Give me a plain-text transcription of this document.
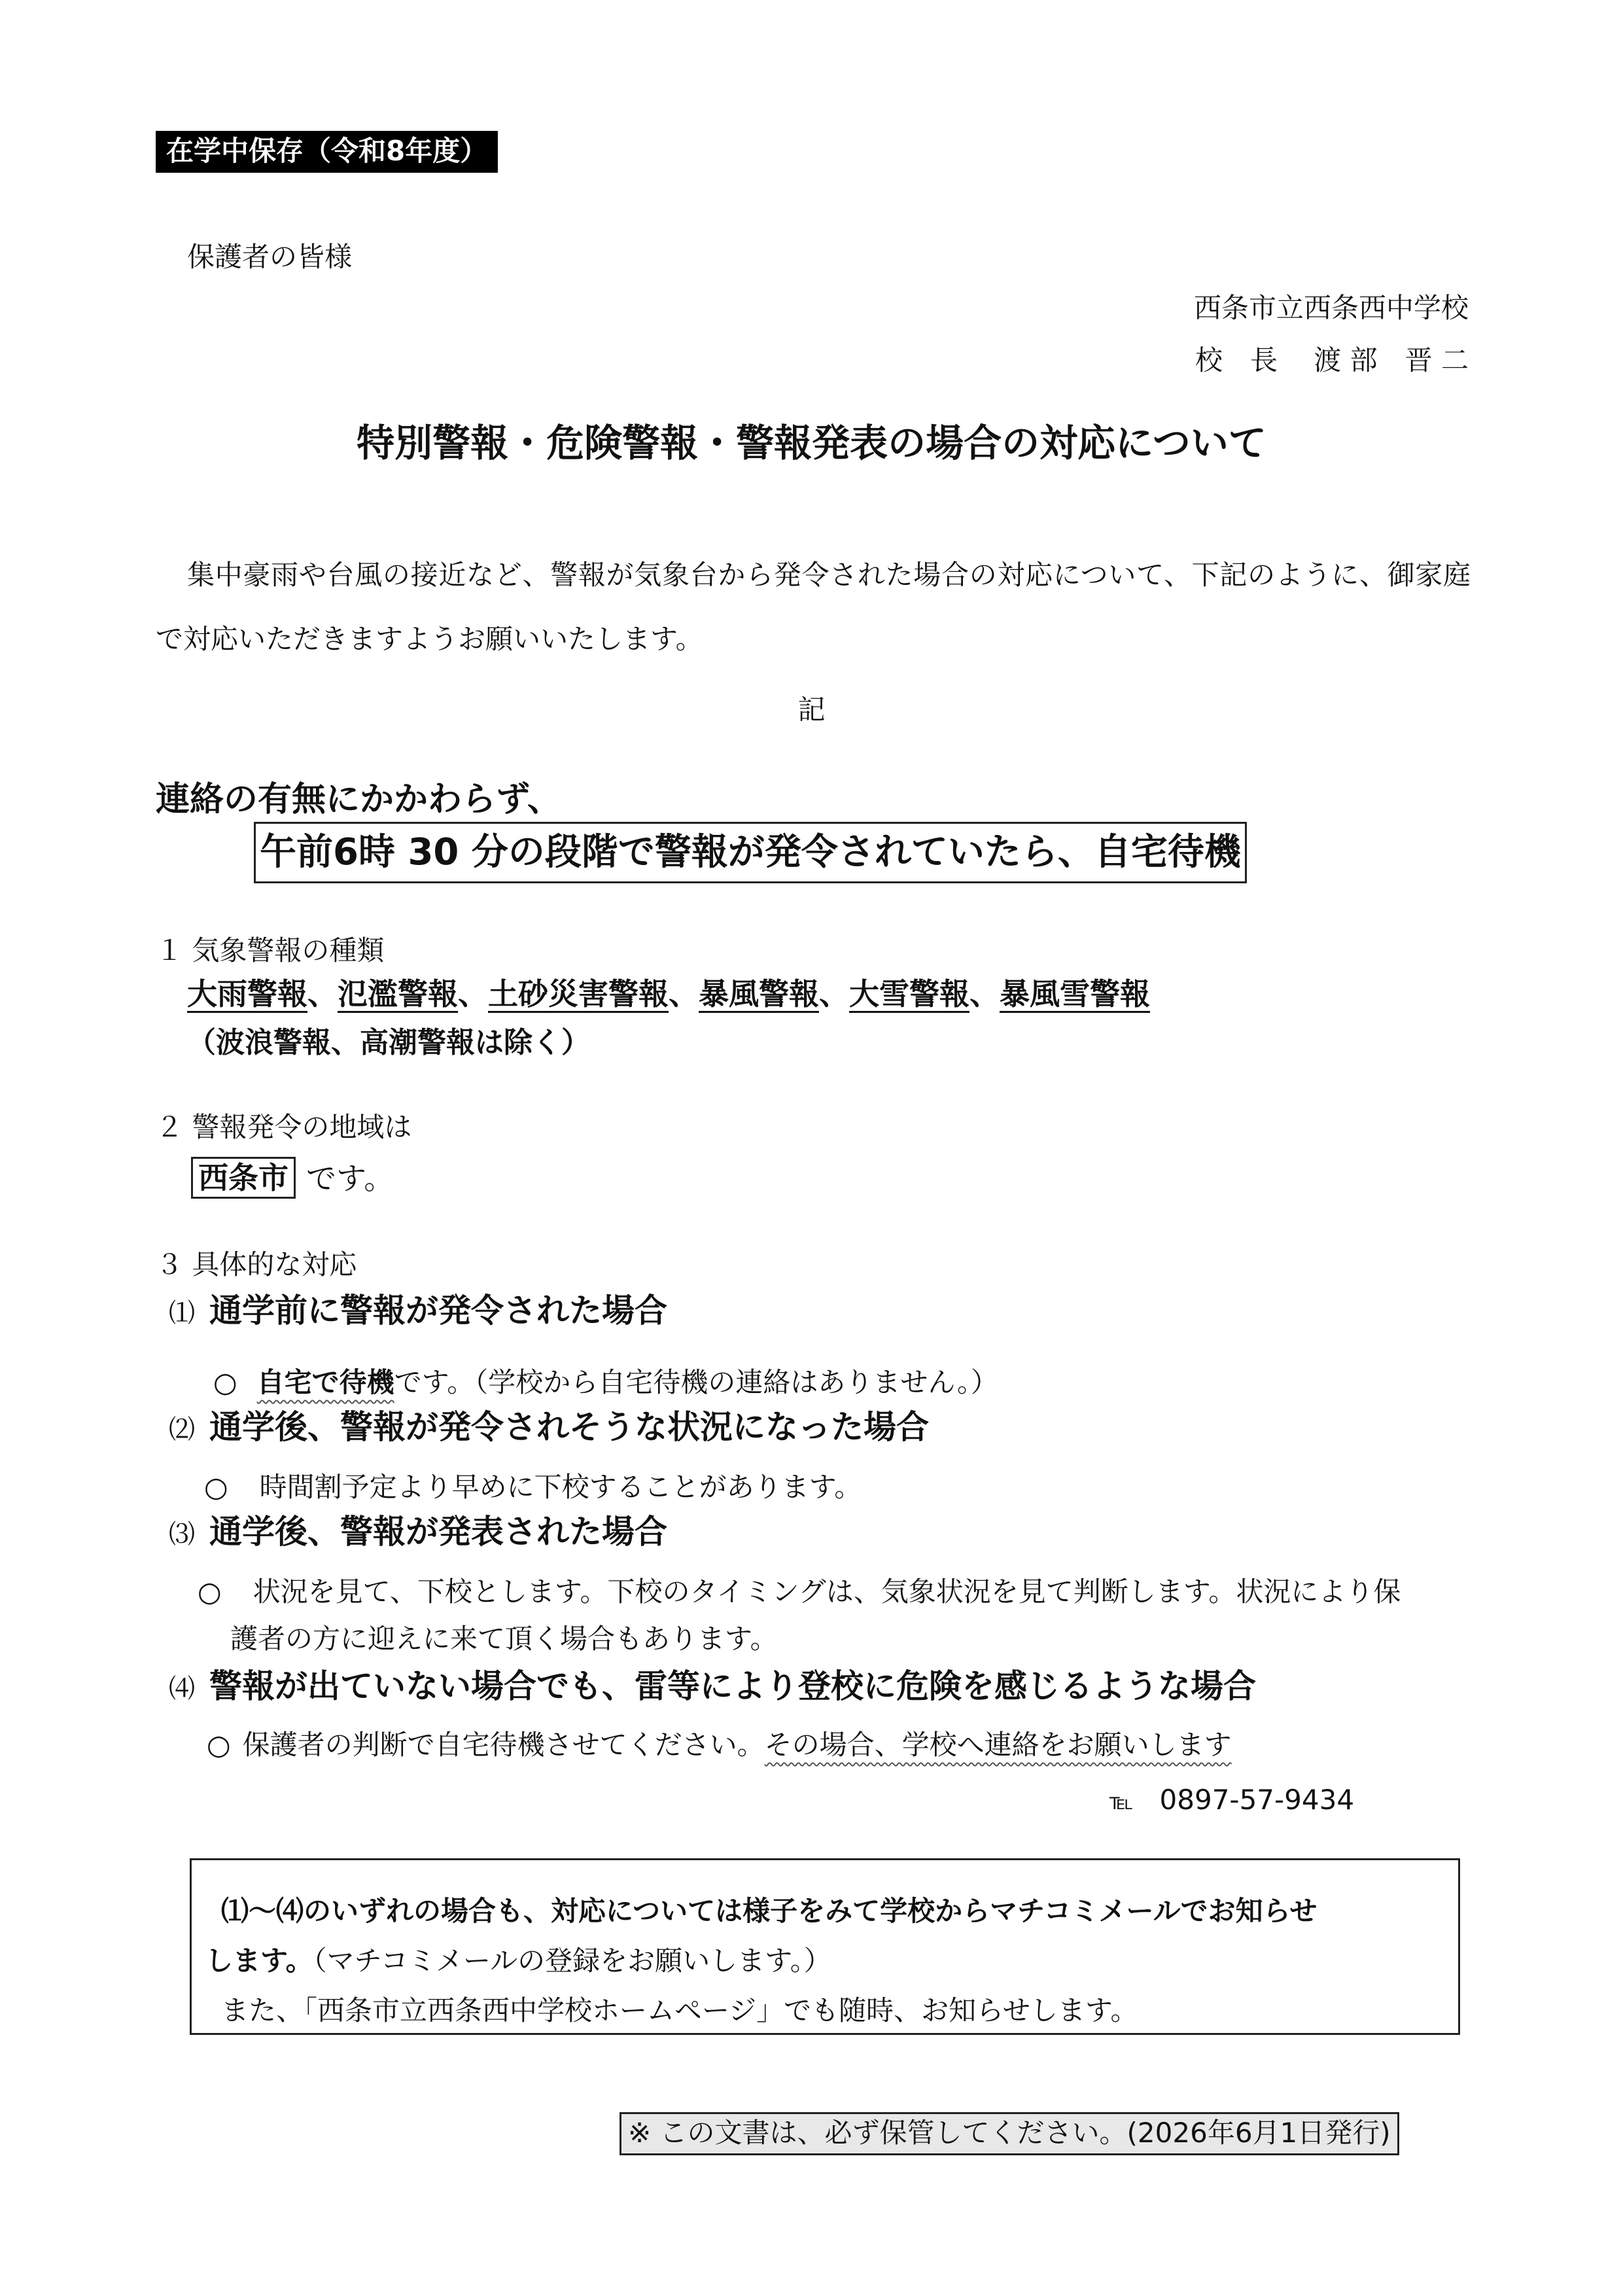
在学中保存（令和8年度）
保護者の皆様
西条市立西条西中学校
校　長　 渡 部　晋 二
特別警報・危険警報・警報発表の場合の対応について
集中豪雨や台風の接近など、警報が気象台から発令された場合の対応について、下記のように、御家庭で対応いただきますようお願いいたします。
記
連絡の有無にかかわらず、
午前6時 30 分の段階で警報が発令されていたら、自宅待機
１ 気象警報の種類
大雨警報、氾濫警報、土砂災害警報、暴風警報、大雪警報、暴風雪警報
（波浪警報、高潮警報は除く）
２ 警報発令の地域は
西条市 です。
３ 具体的な対応
⑴ 通学前に警報が発令された場合
○ 自宅で待機です。（学校から自宅待機の連絡はありません。）
⑵ 通学後、警報が発令されそうな状況になった場合
○ 時間割予定より早めに下校することがあります。
⑶ 通学後、警報が発表された場合
○ 状況を見て、下校とします。下校のタイミングは、気象状況を見て判断します。状況により保
護者の方に迎えに来て頂く場合もあります。
⑷ 警報が出ていない場合でも、雷等により登校に危険を感じるような場合
○ 保護者の判断で自宅待機させてください。その場合、学校へ連絡をお願いします
℡ 0897-57-9434
⑴～⑷のいずれの場合も、対応については様子をみて学校からマチコミメールでお知らせ
します。（マチコミメールの登録をお願いします。）
また、「西条市立西条西中学校ホームページ」でも随時、お知らせします。
※ この文書は、必ず保管してください。(2026年6月1日発行)
